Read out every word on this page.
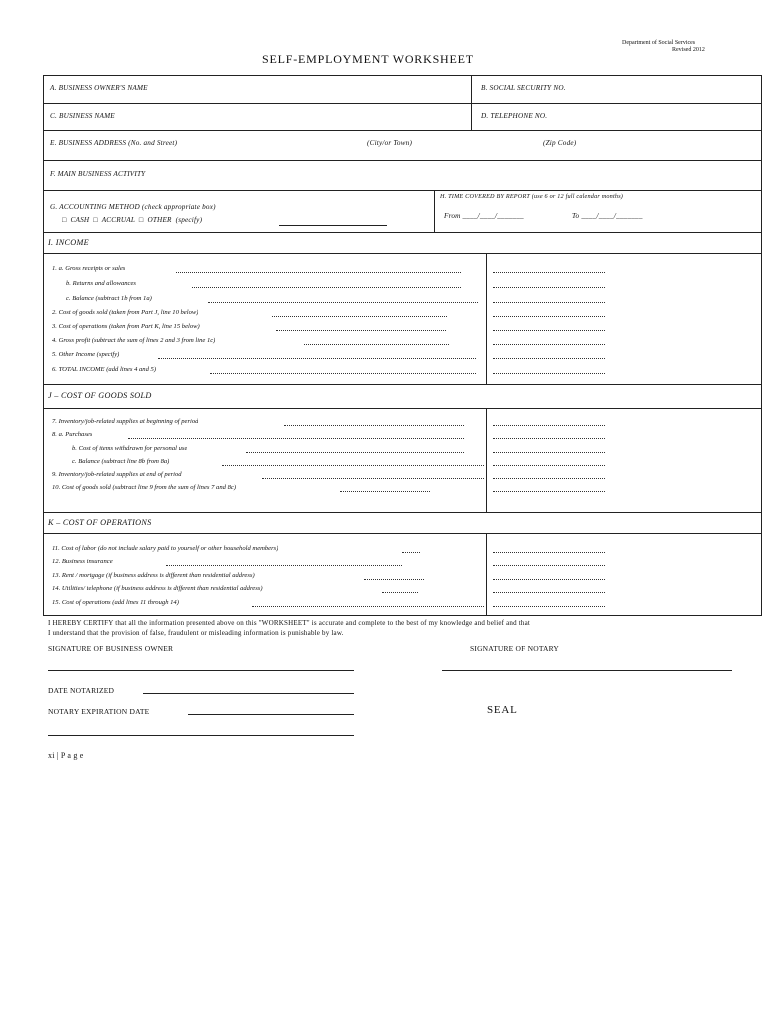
Department of Social Services
Revised 2012
SELF-EMPLOYMENT WORKSHEET
A. BUSINESS OWNER'S NAME	B. SOCIAL SECURITY NO.
C. BUSINESS NAME	D. TELEPHONE NO.
E. BUSINESS ADDRESS (No. and Street)	(City/or Town)	(Zip Code)
F. MAIN BUSINESS ACTIVITY
G. ACCOUNTING METHOD (check appropriate box)
□ CASH □ ACCRUAL □ OTHER (specify)
H. TIME COVERED BY REPORT (use 6 or 12 full calendar months)
From ____/____/_______	To ____/____/_______
I. INCOME
1. a. Gross receipts or sales
b. Returns and allowances
c. Balance (subtract 1b from 1a)
2. Cost of goods sold (taken from Part J, line 10 below)
3. Cost of operations (taken from Part K, line 15 below)
4. Gross profit (subtract the sum of lines 2 and 3 from line 1c)
5. Other Income (specify)
6. TOTAL INCOME (add lines 4 and 5)
J – COST OF GOODS SOLD
7. Inventory/job-related supplies at beginning of period
8. a. Purchases
b. Cost of items withdrawn for personal use
c. Balance (subtract line 8b from 8a)
9. Inventory/job-related supplies at end of period
10. Cost of goods sold (subtract line 9 from the sum of lines 7 and 8c)
K – COST OF OPERATIONS
11. Cost of labor (do not include salary paid to yourself or other household members)
12. Business insurance
13. Rent / mortgage (if business address is different than residential address)
14. Utilities/ telephone (if business address is different than residential address)
15. Cost of operations (add lines 11 through 14)
I HEREBY CERTIFY that all the information presented above on this "WORKSHEET" is accurate and complete to the best of my knowledge and belief and that
I understand that the provision of false, fraudulent or misleading information is punishable by law.
SIGNATURE OF BUSINESS OWNER	SIGNATURE OF NOTARY
DATE NOTARIZED
NOTARY EXPIRATION DATE	SEAL
xi | P a g e
